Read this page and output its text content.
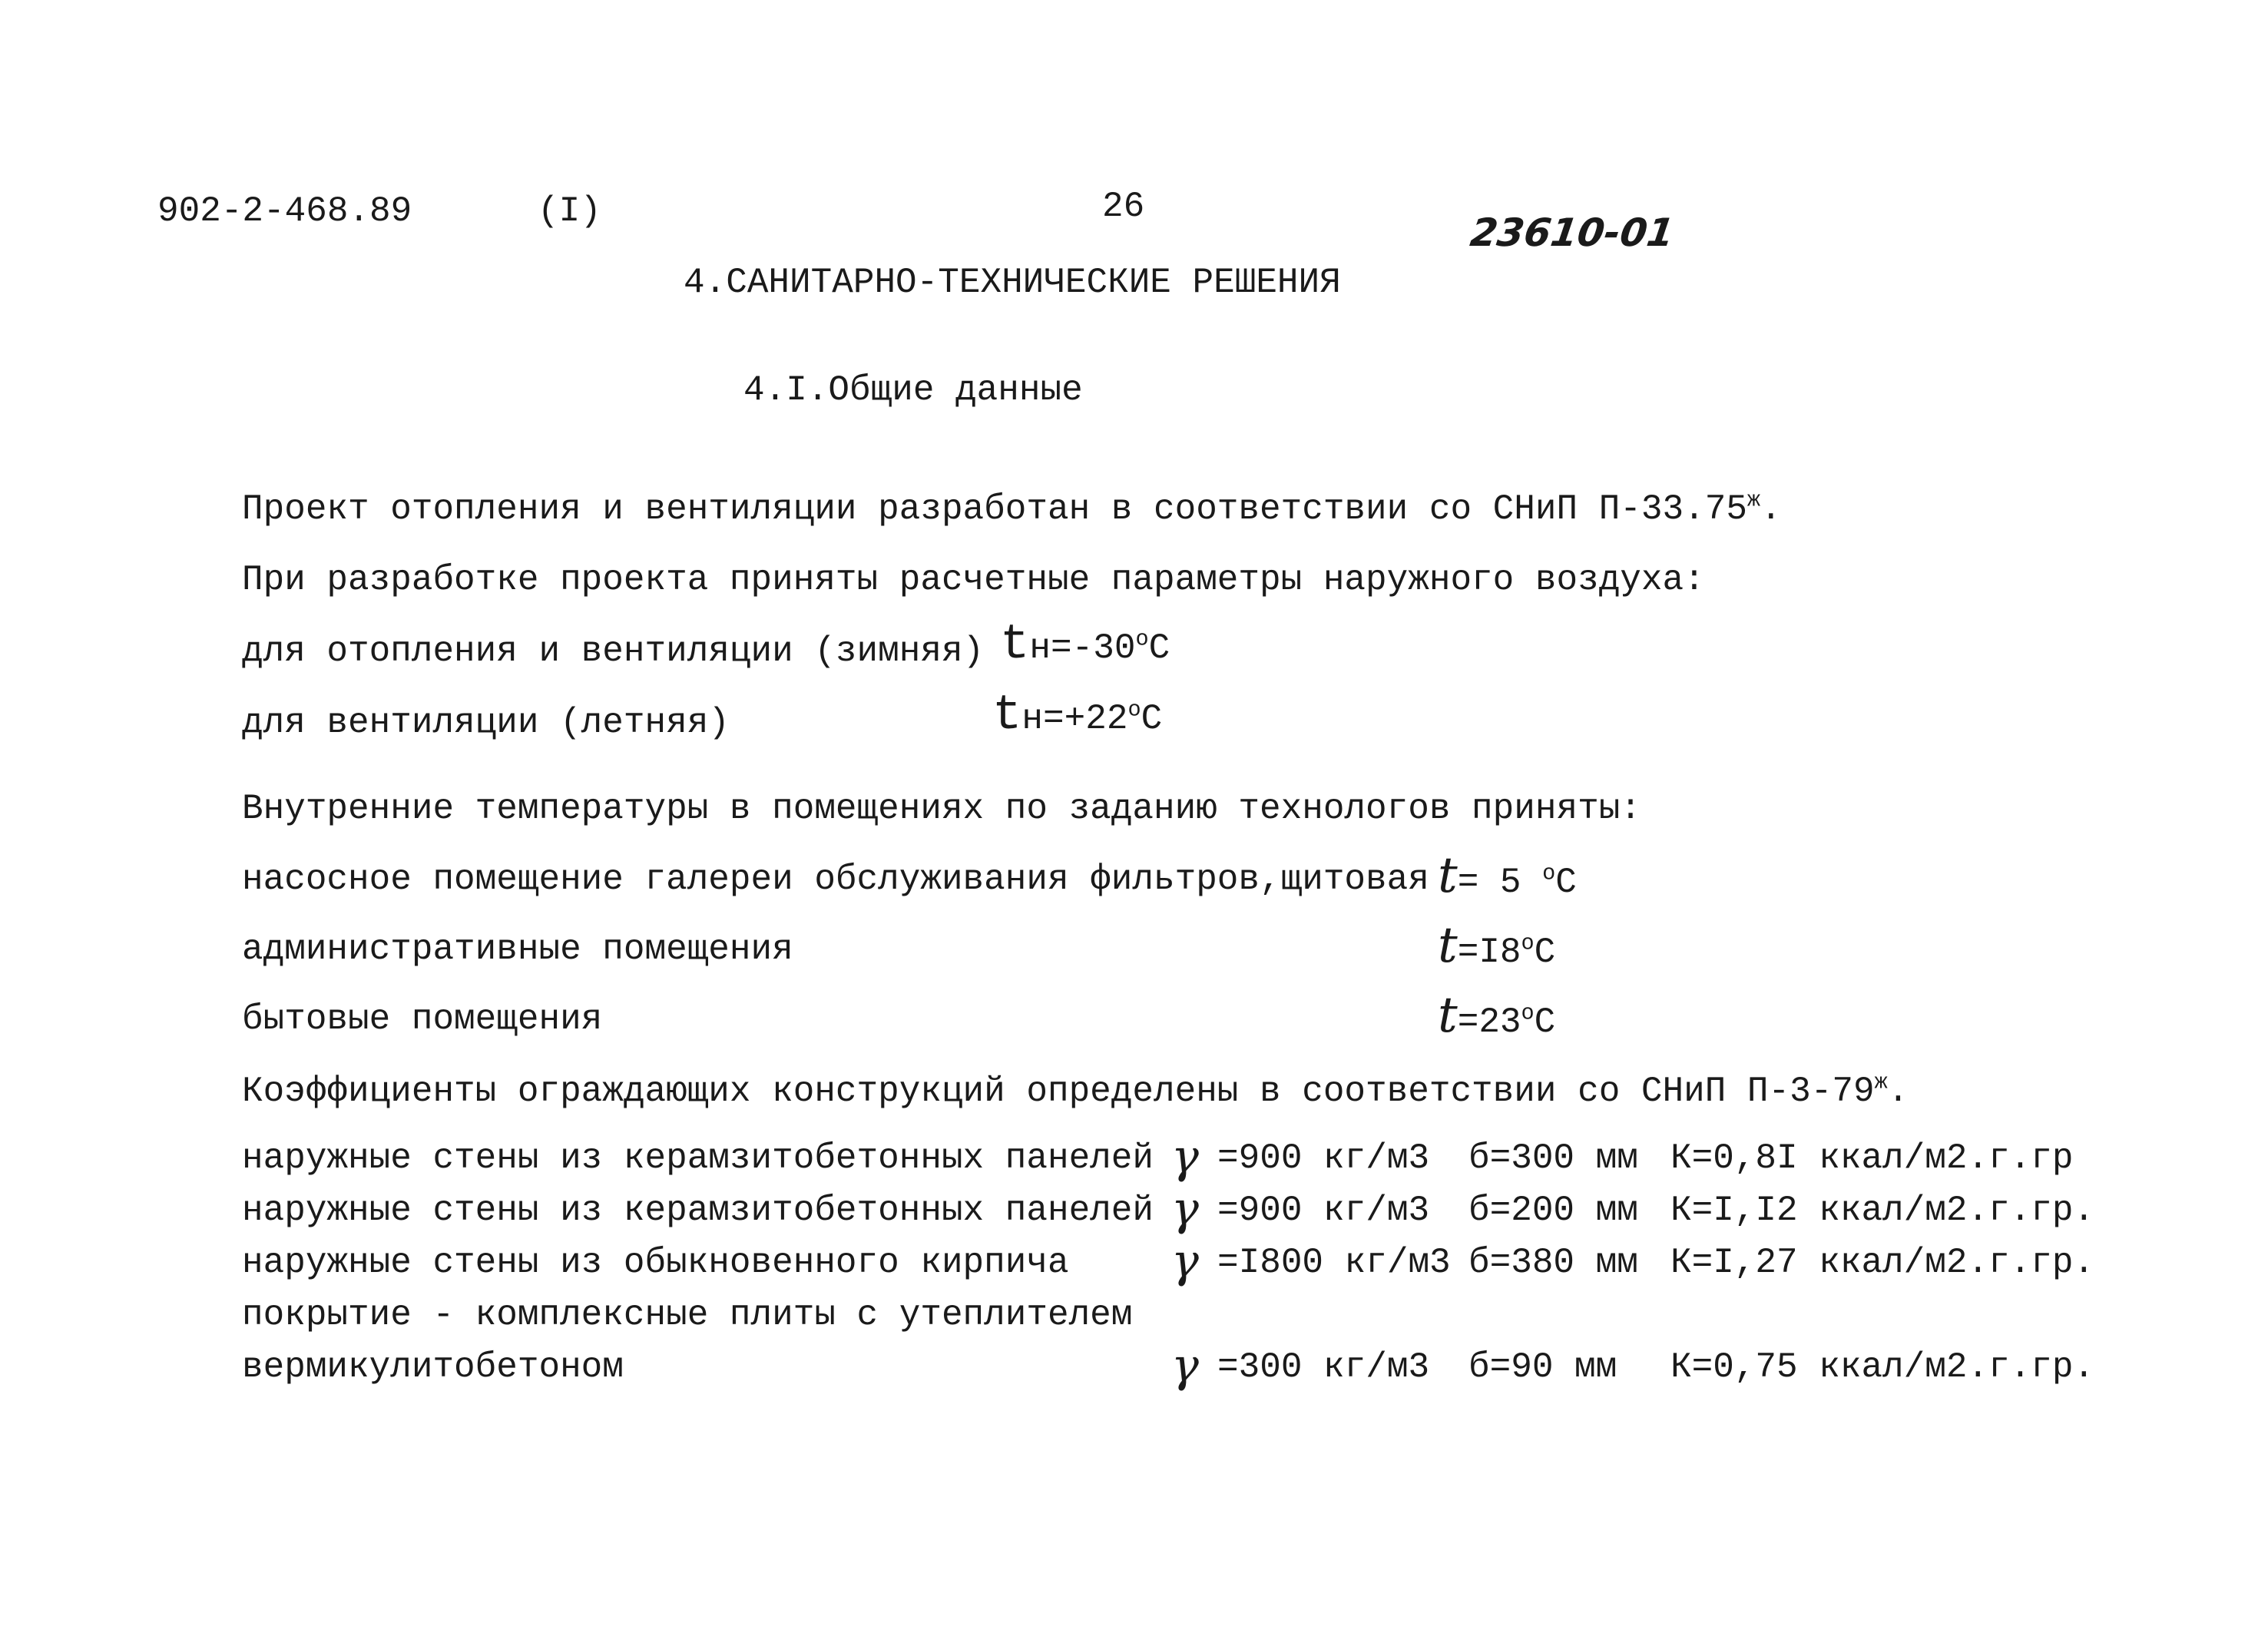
902-2-468.89	(I)	26
23610-01
4.САНИТАРНО-ТЕХНИЧЕСКИЕ РЕШЕНИЯ
4.I.Общие данные
Проект отопления и вентиляции разработан в соответствии со СНиП $П-33.75^ж$.
При разработке проекта приняты расчетные параметры наружного воздуха:
для отопления и вентиляции (зимняя) $tн=-30^оС$
для вентиляции (летняя)	$tн=+22^оС$
Внутренние температуры в помещениях по заданию технологов приняты:
насосное помещение галереи обслуживания фильтров,щитовая t= 5 $^о$С
административные помещения	$t=I8^оС$
бытовые помещения	$t=23^оС$
Коэффициенты ограждающих конструкций определены в соответствии со СНиП $П-3-79^ж$.
наружные стены из керамзитобетонных панелей γ =900 кг/м3 б=300 мм К=0,8I ккал/м2.г.гр
наружные стены из керамзитобетонных панелей γ =900 кг/м3 б=200 мм К=I,I2 ккал/м2.г.гр.
наружные стены из обыкновенного кирпича γ =I800 кг/м3 б=380 мм К=I,27 ккал/м2.г.гр.
покрытие - комплексные плиты с утеплителем
вермикулитобетоном	γ =300 кг/м3 б=90 мм К=0,75 ккал/м2.г.гр.
